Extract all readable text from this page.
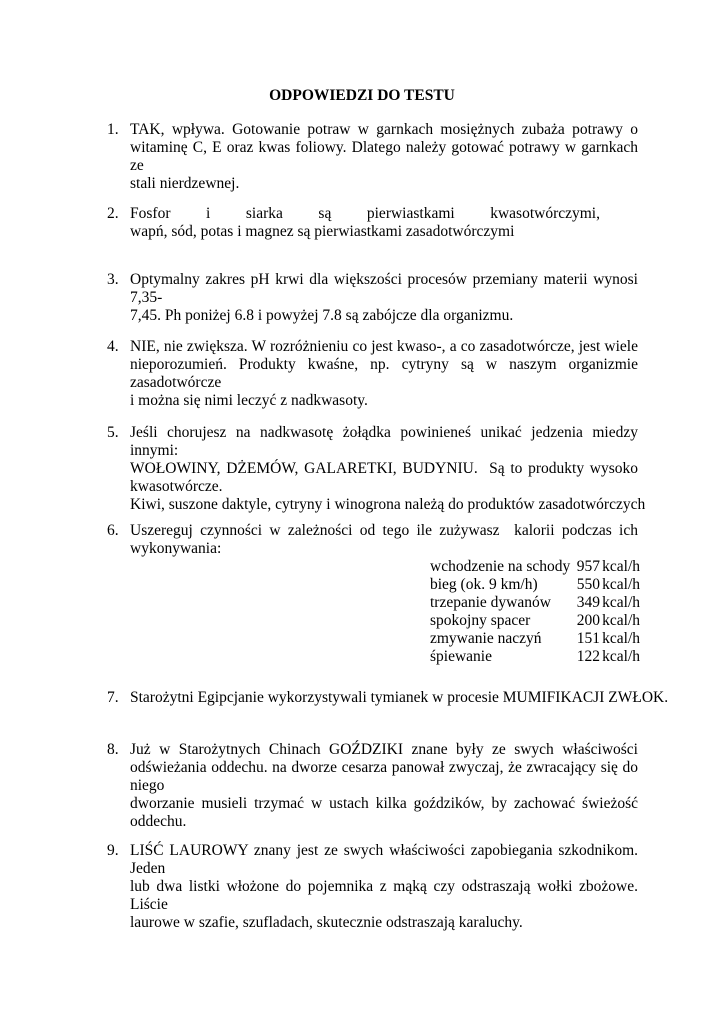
ODPOWIEDZI DO TESTU
1. TAK, wpływa. Gotowanie potraw w garnkach mosiężnych zubaża potrawy o
witaminę C, E oraz kwas foliowy. Dlatego należy gotować potrawy w garnkach ze
stali nierdzewnej.
2. Fosfor i siarka są pierwiastkami kwasotwórczymi,
wapń, sód, potas i magnez są pierwiastkami zasadotwórczymi
3. Optymalny zakres pH krwi dla większości procesów przemiany materii wynosi 7,35-
7,45. Ph poniżej 6.8 i powyżej 7.8 są zabójcze dla organizmu.
4. NIE, nie zwiększa. W rozróżnieniu co jest kwaso-, a co zasadotwórcze, jest wiele
nieporozumień. Produkty kwaśne, np. cytryny są w naszym organizmie zasadotwórcze
i można się nimi leczyć z nadkwasoty.
5. Jeśli chorujesz na nadkwasotę żołądka powinieneś unikać jedzenia miedzy innymi:
WOŁOWINY, DŻEMÓW, GALARETKI, BUDYNIU.  Są to produkty wysoko
kwasotwórcze.
Kiwi, suszone daktyle, cytryny i winogrona należą do produktów zasadotwórczych
6. Uszereguj czynności w zależności od tego ile zużywasz  kalorii podczas ich
wykonywania:
wchodzenie na schody 957 kcal/h
bieg (ok. 9 km/h)	550 kcal/h
trzepanie dywanów	349 kcal/h
spokojny spacer	200 kcal/h
zmywanie naczyń	151 kcal/h
śpiewanie	122 kcal/h
7. Starożytni Egipcjanie wykorzystywali tymianek w procesie MUMIFIKACJI ZWŁOK.
8. Już w Starożytnych Chinach GOŹDZIKI znane były ze swych właściwości
odświeżania oddechu. na dworze cesarza panował zwyczaj, że zwracający się do niego
dworzanie musieli trzymać w ustach kilka goździków, by zachować świeżość
oddechu.
9. LIŚĆ LAUROWY znany jest ze swych właściwości zapobiegania szkodnikom. Jeden
lub dwa listki włożone do pojemnika z mąką czy odstraszają wołki zbożowe. Liście
laurowe w szafie, szufladach, skutecznie odstraszają karaluchy.
